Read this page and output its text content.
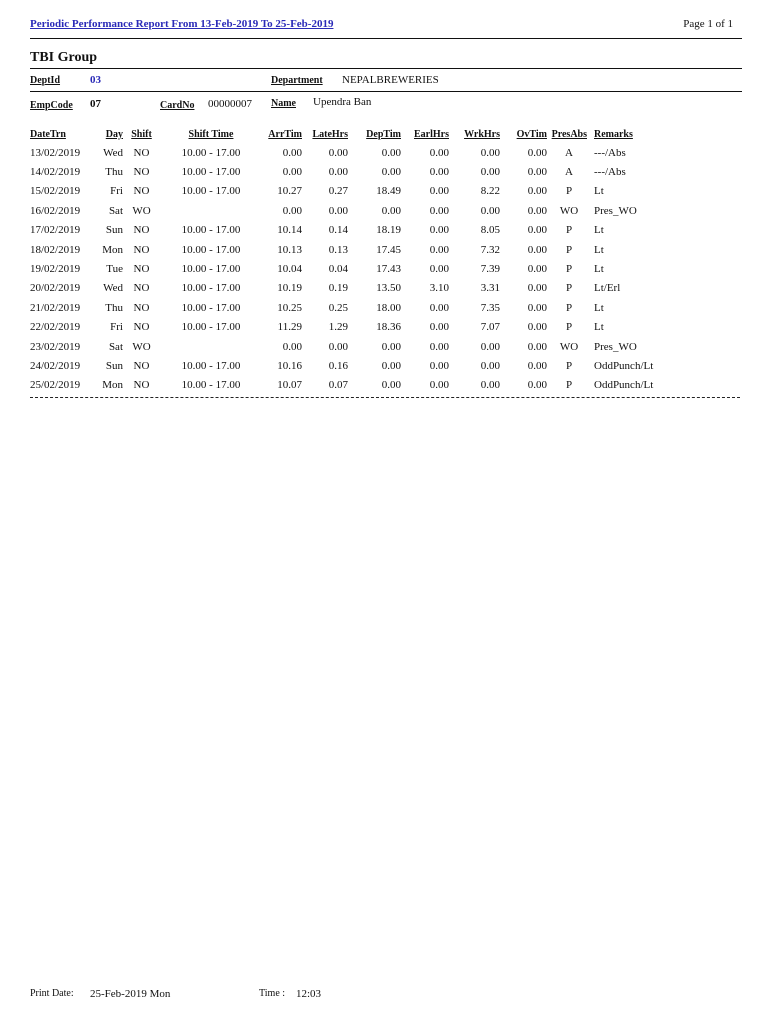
Periodic Performance Report From 13-Feb-2019 To 25-Feb-2019	Page 1 of 1
TBI Group
DeptId	03	Department NEPALBREWERIES
EmpCode 07	CardNo 00000007 Name Upendra Ban
DateTrn	Day	Shift	Shift Time	ArrTim	LateHrs	DepTim	EarlHrs	WrkHrs	OvTim	PresAbs	Remarks
13/02/2019	Wed	NO	10.00 - 17.00	0.00	0.00	0.00	0.00	0.00	0.00	A	---/Abs
14/02/2019	Thu	NO	10.00 - 17.00	0.00	0.00	0.00	0.00	0.00	0.00	A	---/Abs
15/02/2019	Fri	NO	10.00 - 17.00	10.27	0.27	18.49	0.00	8.22	0.00	P	Lt
16/02/2019	Sat	WO		0.00	0.00	0.00	0.00	0.00	0.00	WO	Pres_WO
17/02/2019	Sun	NO	10.00 - 17.00	10.14	0.14	18.19	0.00	8.05	0.00	P	Lt
18/02/2019	Mon	NO	10.00 - 17.00	10.13	0.13	17.45	0.00	7.32	0.00	P	Lt
19/02/2019	Tue	NO	10.00 - 17.00	10.04	0.04	17.43	0.00	7.39	0.00	P	Lt
20/02/2019	Wed	NO	10.00 - 17.00	10.19	0.19	13.50	3.10	3.31	0.00	P	Lt/Erl
21/02/2019	Thu	NO	10.00 - 17.00	10.25	0.25	18.00	0.00	7.35	0.00	P	Lt
22/02/2019	Fri	NO	10.00 - 17.00	11.29	1.29	18.36	0.00	7.07	0.00	P	Lt
23/02/2019	Sat	WO		0.00	0.00	0.00	0.00	0.00	0.00	WO	Pres_WO
24/02/2019	Sun	NO	10.00 - 17.00	10.16	0.16	0.00	0.00	0.00	0.00	P	OddPunch/Lt
25/02/2019	Mon	NO	10.00 - 17.00	10.07	0.07	0.00	0.00	0.00	0.00	P	OddPunch/Lt
Print Date: 25-Feb-2019 Mon	Time : 12:03
